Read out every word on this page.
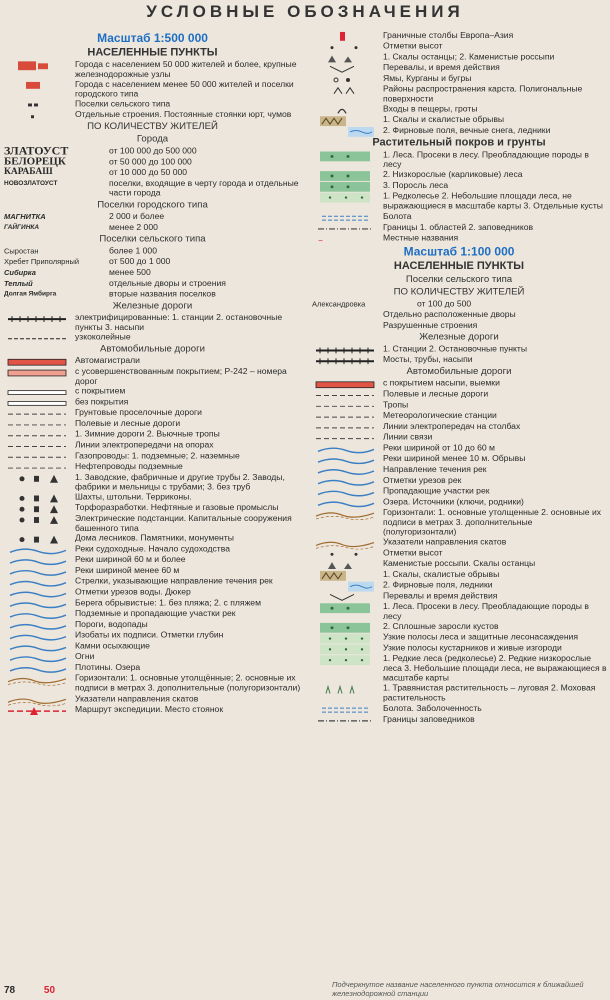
УСЛОВНЫЕ ОБОЗНАЧЕНИЯ
Масштаб 1:500 000
НАСЕЛЕННЫЕ ПУНКТЫ
Города с населением 50 000 жителей и более, крупные железнодорожные узлы
Города с населением менее 50 000 жителей и поселки городского типа
Поселки сельского типа
Отдельные строения. Постоянные стоянки юрт, чумов
ПО КОЛИЧЕСТВУ ЖИТЕЛЕЙ
Города
ЗЛАТОУСТ	от 100 000 до 500 000
БЕЛОРЕЦК	от 50 000 до 100 000
КАРАБАШ	от 10 000 до 50 000
НОВОЗЛАТОУСТ	поселки, входящие в черту города и отдельные части города
Поселки городского типа
МАГНИТКА	2 000 и более
ГАЙГИНКА	менее 2 000
Поселки сельского типа
Сыростан	более 1 000
Хребет Приполярный	от 500 до 1 000
Сибирка	менее 500
Теплый	отдельные дворы и строения
Долгая Ямбирга	вторые названия поселков
Железные дороги
электрифицированные: 1. станции 2. остановочные пункты 3. насыпи
узкоколейные
Автомобильные дороги
Автомагистрали
с усовершенствованным покрытием; Р-242 – номера дорог
с покрытием
без покрытия
Грунтовые проселочные дороги
Полевые и лесные дороги
1. Зимние дороги 2. Вьючные тропы
Линии электропередачи на опорах
Газопроводы: 1. подземные; 2. наземные
Нефтепроводы подземные
1. Заводские, фабричные и другие трубы 2. Заводы, фабрики и мельницы с трубами; 3. без труб
Шахты, штольни. Терриконы.
Торфоразработки. Нефтяные и газовые промыслы
Электрические подстанции. Капитальные сооружения башенного типа
Дома лесников. Памятники, монументы
Реки судоходные. Начало судоходства
Реки шириной 60 м и более
Реки шириной менее 60 м
Стрелки, указывающие направление течения рек
Отметки урезов воды. Дюкер
Берега обрывистые: 1. без пляжа; 2. с пляжем
Подземные и пропадающие участки рек
Пороги, водопады
Изобаты их подписи. Отметки глубин
Камни осыхающие
Огни
Плотины. Озера
Горизонтали: 1. основные утолщённые; 2. основные их подписи в метрах 3. дополнительные (полугоризонтали)
Указатели направления скатов
Маршрут экспедиции. Место стоянок
Граничные столбы Европа–Азия
Отметки высот
1. Скалы останцы; 2. Каменистые россыпи
Перевалы, и время действия
Ямы, Курганы и бугры
Районы распространения карста. Полигональные поверхности
Входы в пещеры, гроты
1. Скалы и скалистые обрывы
2. Фирновые поля, вечные снега, ледники
Растительный покров и грунты
1. Леса. Просеки в лесу. Преобладающие породы в лесу
2. Низкорослые (карликовые) леса
3. Поросль леса
1. Редколесье 2. Небольшие площади леса, не выражающиеся в масштабе карты 3. Отдельные кусты
Болота
Границы 1. областей 2. заповедников
~	Местные названия
Масштаб 1:100 000
НАСЕЛЕННЫЕ ПУНКТЫ
Поселки сельского типа
ПО КОЛИЧЕСТВУ ЖИТЕЛЕЙ
Александровка	от 100 до 500
Отдельно расположенные дворы
Разрушенные строения
Железные дороги
1. Станции 2. Остановочные пункты
Мосты, трубы, насыпи
Автомобильные дороги
с покрытием насыпи, выемки
Полевые и лесные дороги
Тропы
Метеорологические станции
Линии электропередач на столбах
Линии связи
Реки шириной от 10 до 60 м
Реки шириной менее 10 м. Обрывы
Направление течения рек
Отметки урезов рек
Пропадающие участки рек
Озера. Источники (ключи, родники)
Горизонтали: 1. основные утолщенные 2. основные их подписи в метрах 3. дополнительные (полугоризонтали)
Указатели направления скатов
Отметки высот
Каменистые россыпи. Скалы останцы
1. Скалы, скалистые обрывы
2. Фирновые поля, ледники
Перевалы и время действия
1. Леса. Просеки в лесу. Преобладающие породы в лесу
2. Сплошные заросли кустов
Узкие полосы леса и защитные лесонасаждения
Узкие полосы кустарников и живые изгороди
1. Редкие леса (редколесье) 2. Редкие низкорослые леса 3. Небольшие площади леса, не выражающиеся в масштабе карты
1. Травянистая растительность – луговая 2. Моховая растительность
Болота. Заболоченность
Границы заповедников
78	50
Подчеркнутое название населенного пункта относится к ближайшей железнодорожной станции
